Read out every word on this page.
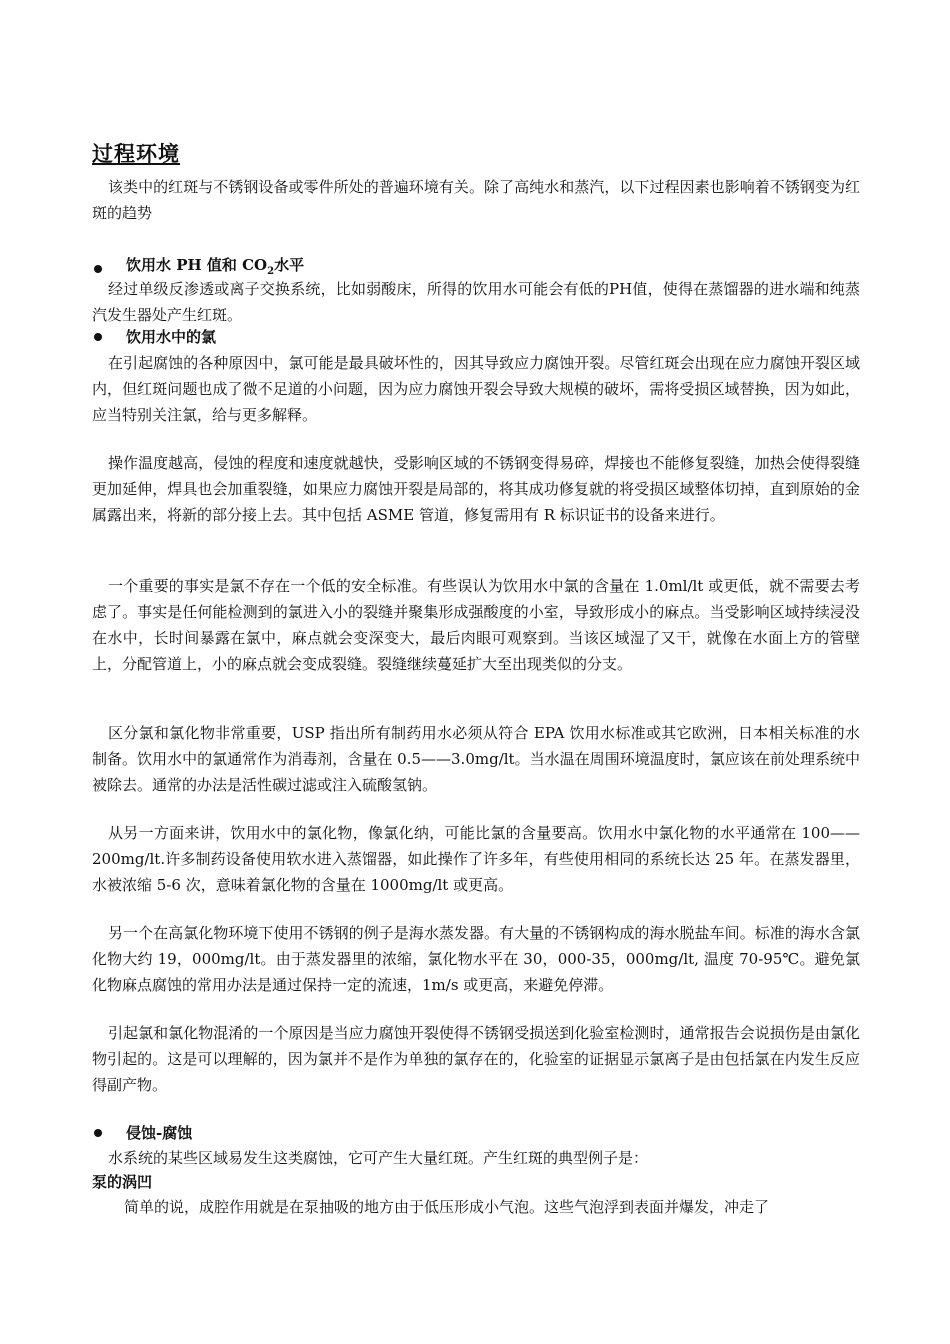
过程环境

该类中的红斑与不锈钢设备或零件所处的普遍环境有关。除了高纯水和蒸汽，以下过程因素也影响着不锈钢变为红斑的趋势

饮用水 PH 值和 $CO_2$水平

经过单级反渗透或离子交换系统，比如弱酸床，所得的饮用水可能会有低的PH值，使得在蒸馏器的进水端和纯蒸汽发生器处产生红斑。

饮用水中的氯

在引起腐蚀的各种原因中，氯可能是最具破坏性的，因其导致应力腐蚀开裂。尽管红斑会出现在应力腐蚀开裂区域内，但红斑问题也成了微不足道的小问题，因为应力腐蚀开裂会导致大规模的破坏，需将受损区域替换，因为如此，应当特别关注氯，给与更多解释。

操作温度越高，侵蚀的程度和速度就越快，受影响区域的不锈钢变得易碎，焊接也不能修复裂缝，加热会使得裂缝更加延伸，焊具也会加重裂缝，如果应力腐蚀开裂是局部的，将其成功修复就的将受损区域整体切掉，直到原始的金属露出来，将新的部分接上去。其中包括 ASME 管道，修复需用有 R 标识证书的设备来进行。

一个重要的事实是氯不存在一个低的安全标准。有些误认为饮用水中氯的含量在 1.0ml/lt 或更低，就不需要去考虑了。事实是任何能检测到的氯进入小的裂缝并聚集形成强酸度的小室，导致形成小的麻点。当受影响区域持续浸没在水中，长时间暴露在氯中，麻点就会变深变大，最后肉眼可观察到。当该区域湿了又干，就像在水面上方的管壁上，分配管道上，小的麻点就会变成裂缝。裂缝继续蔓延扩大至出现类似的分支。

区分氯和氯化物非常重要，USP 指出所有制药用水必须从符合 EPA 饮用水标准或其它欧洲，日本相关标准的水制备。饮用水中的氯通常作为消毒剂，含量在 0.5——3.0mg/lt。当水温在周围环境温度时，氯应该在前处理系统中被除去。通常的办法是活性碳过滤或注入硫酸氢钠。

从另一方面来讲，饮用水中的氯化物，像氯化纳，可能比氯的含量要高。饮用水中氯化物的水平通常在 100——200mg/lt.许多制药设备使用软水进入蒸馏器，如此操作了许多年，有些使用相同的系统长达 25 年。在蒸发器里，水被浓缩 5-6 次，意味着氯化物的含量在 1000mg/lt 或更高。

另一个在高氯化物环境下使用不锈钢的例子是海水蒸发器。有大量的不锈钢构成的海水脱盐车间。标准的海水含氯化物大约 19，000mg/lt。由于蒸发器里的浓缩，氯化物水平在 30，000-35，000mg/lt, 温度 70-95℃。避免氯化物麻点腐蚀的常用办法是通过保持一定的流速，1m/s 或更高，来避免停滞。

引起氯和氯化物混淆的一个原因是当应力腐蚀开裂使得不锈钢受损送到化验室检测时，通常报告会说损伤是由氯化物引起的。这是可以理解的，因为氯并不是作为单独的氯存在的，化验室的证据显示氯离子是由包括氯在内发生反应得副产物。

侵蚀-腐蚀

水系统的某些区域易发生这类腐蚀，它可产生大量红斑。产生红斑的典型例子是：

泵的涡凹

简单的说，成腔作用就是在泵抽吸的地方由于低压形成小气泡。这些气泡浮到表面并爆发，冲走了
